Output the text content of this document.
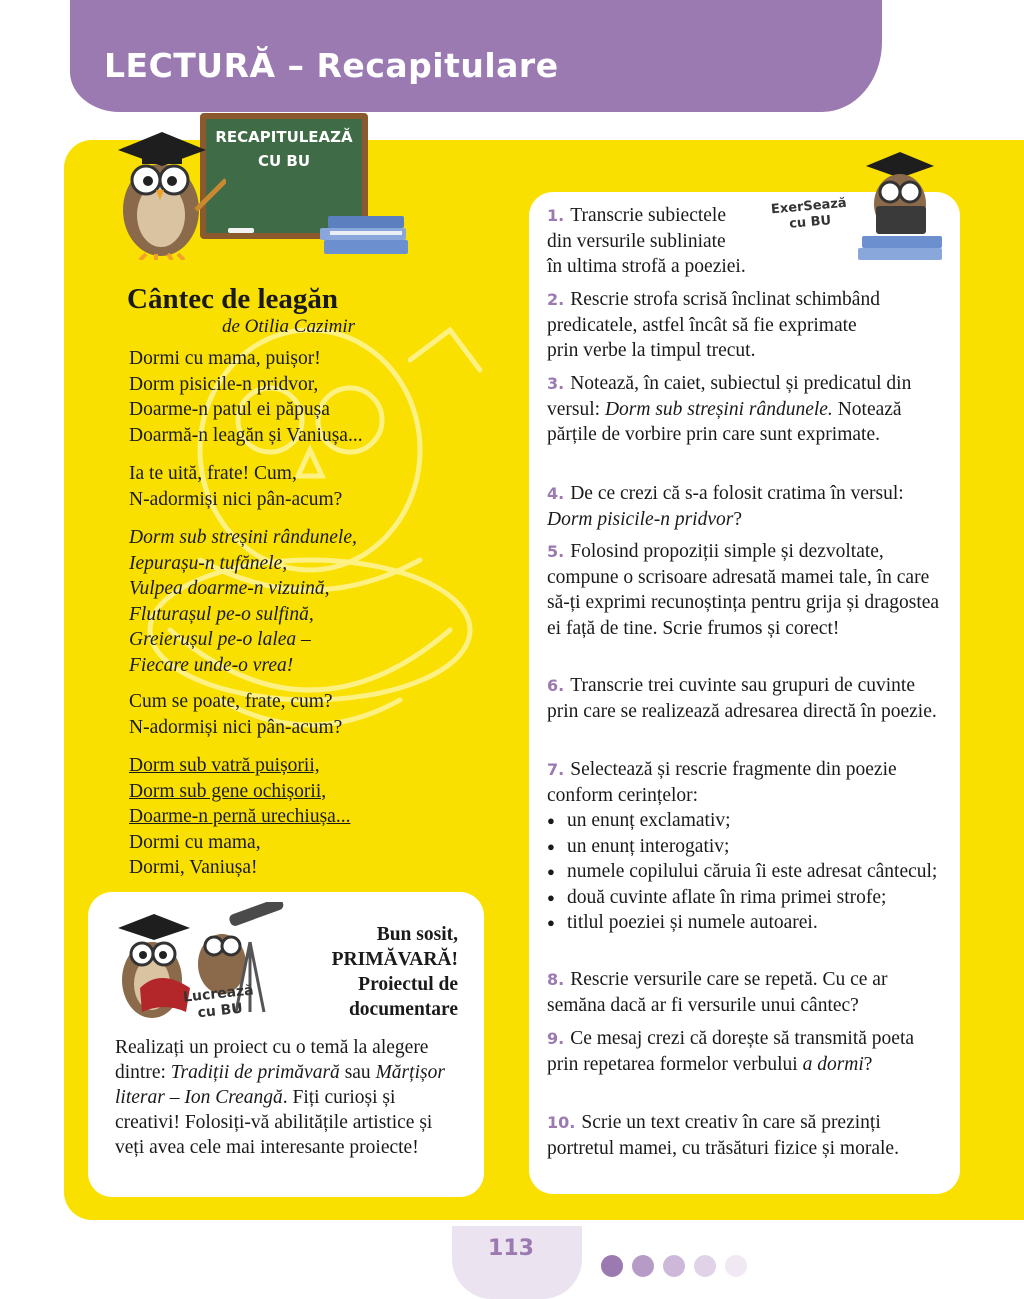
LECTURĂ – Recapitulare
RECAPITULEAZĂ
CU BU
Cântec de leagăn
de Otilia Cazimir
Dormi cu mama, puișor!
Dorm pisicile-n pridvor,
Doarme-n patul ei păpușa
Doarmă-n leagăn și Vaniușa...
Ia te uită, frate! Cum,
N-adormiși nici pân-acum?
Dorm sub streșini rândunele,
Iepurașu-n tufănele,
Vulpea doarme-n vizuină,
Fluturașul pe-o sulfină,
Greierușul pe-o lalea –
Fiecare unde-o vrea!
Cum se poate, frate, cum?
N-adormiși nici pân-acum?
Dorm sub vatră puișorii,
Dorm sub gene ochișorii,
Doarme-n pernă urechiușa...
Dormi cu mama,
Dormi, Vaniușa!
Lucrează
cu BU
Bun sosit,
PRIMĂVARĂ!
Proiectul de
documentare
Realizați un proiect cu o temă la alegere dintre: Tradiții de primăvară sau Mărțișor literar – Ion Creangă. Fiți curioși și creativi! Folosiți-vă abilitățile artistice și veți avea cele mai interesante proiecte!
ExerSează
cu BU
1. Transcrie subiectele
din versurile subliniate
în ultima strofă a poeziei.
2. Rescrie strofa scrisă înclinat schimbând
predicatele, astfel încât să fie exprimate
prin verbe la timpul trecut.
3. Notează, în caiet, subiectul și predicatul din versul: Dorm sub streșini rândunele. Notează părțile de vorbire prin care sunt exprimate.
4. De ce crezi că s-a folosit cratima în versul: Dorm pisicile-n pridvor?
5. Folosind propoziții simple și dezvoltate, compune o scrisoare adresată mamei tale, în care să-ți exprimi recunoștința pentru grija și dragostea ei față de tine. Scrie frumos și corect!
6. Transcrie trei cuvinte sau grupuri de cuvinte prin care se realizează adresarea directă în poezie.
7. Selectează și rescrie fragmente din poezie conform cerințelor:
● un enunț exclamativ;
● un enunț interogativ;
● numele copilului căruia îi este adresat cântecul;
● două cuvinte aflate în rima primei strofe;
● titlul poeziei și numele autoarei.
8. Rescrie versurile care se repetă. Cu ce ar semăna dacă ar fi versurile unui cântec?
9. Ce mesaj crezi că dorește să transmită poeta prin repetarea formelor verbului a dormi?
10. Scrie un text creativ în care să prezinți portretul mamei, cu trăsături fizice și morale.
113
